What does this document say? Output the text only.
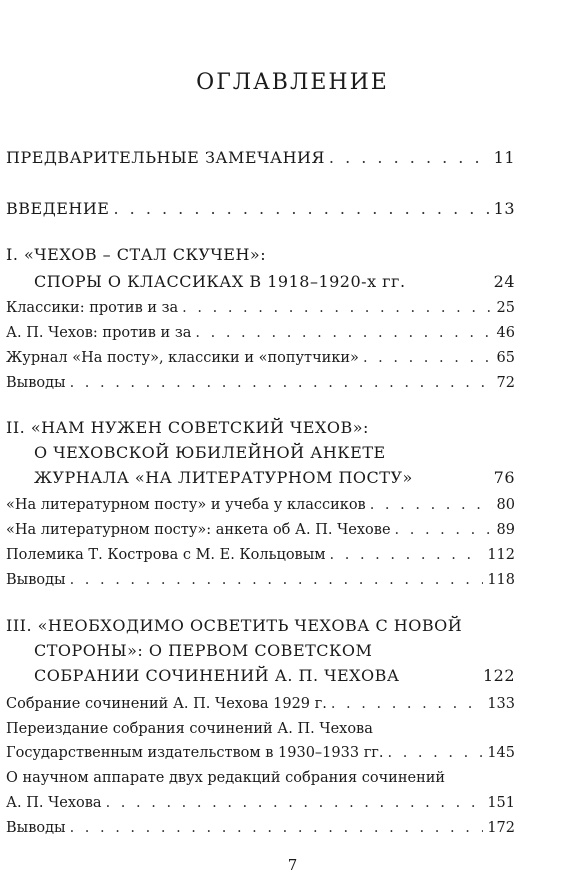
ОГЛАВЛЕНИЕ
ПРЕДВАРИТЕЛЬНЫЕ ЗАМЕЧАНИЯ . . .	11
ВВЕДЕНИЕ . . .	13
I. «ЧЕХОВ – СТАЛ СКУЧЕН»:
СПОРЫ О КЛАССИКАХ В 1918–1920-х гг.	24
Классики: против и за . . .	25
А. П. Чехов: против и за . . .	46
Журнал «На посту», классики и «попутчики» . . .	65
Выводы . . .	72
II. «НАМ НУЖЕН СОВЕТСКИЙ ЧЕХОВ»:
О ЧЕХОВСКОЙ ЮБИЛЕЙНОЙ АНКЕТЕ
ЖУРНАЛА «НА ЛИТЕРАТУРНОМ ПОСТУ»	76
«На литературном посту» и учеба у классиков . . .	80
«На литературном посту»: анкета об А. П. Чехове . . .	89
Полемика Т. Кострова с М. Е. Кольцовым . . .	112
Выводы . . .	118
III. «НЕОБХОДИМО ОСВЕТИТЬ ЧЕХОВА С НОВОЙ
СТОРОНЫ»: О ПЕРВОМ СОВЕТСКОМ
СОБРАНИИ СОЧИНЕНИЙ А. П. ЧЕХОВА	122
Собрание сочинений А. П. Чехова 1929 г. . . .	133
Переиздание собрания сочинений А. П. Чехова
Государственным издательством в 1930–1933 гг. . . .	145
О научном аппарате двух редакций собрания сочинений
А. П. Чехова . . .	151
Выводы . . .	172
7
